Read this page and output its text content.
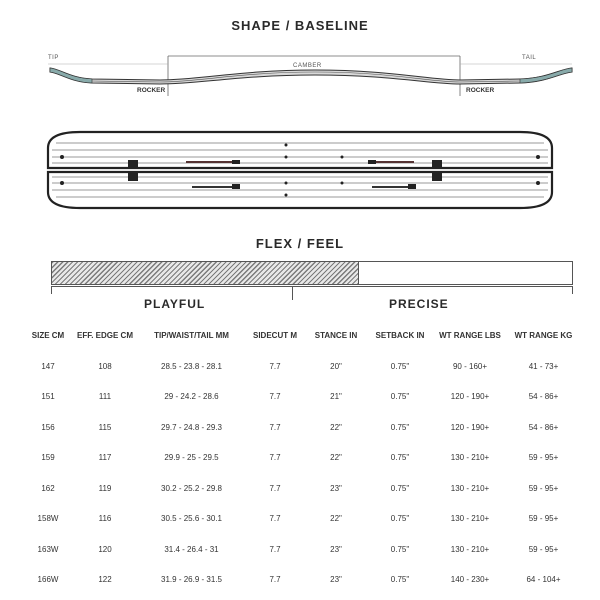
SHAPE / BASELINE
TIP	TAIL
CAMBER
ROCKER	ROCKER
FLEX / FEEL
PLAYFUL	PRECISE
SIZE CM	EFF. EDGE CM	TIP/WAIST/TAIL MM	SIDECUT M	STANCE IN	SETBACK IN	WT RANGE LBS	WT RANGE KG
147	108	28.5 - 23.8 - 28.1	7.7	20"	0.75"	90 - 160+	41 - 73+
151	111	29 - 24.2 - 28.6	7.7	21"	0.75"	120 - 190+	54 - 86+
156	115	29.7 - 24.8 - 29.3	7.7	22"	0.75"	120 - 190+	54 - 86+
159	117	29.9 - 25 - 29.5	7.7	22"	0.75"	130 - 210+	59 - 95+
162	119	30.2 - 25.2 - 29.8	7.7	23"	0.75"	130 - 210+	59 - 95+
158W	116	30.5 - 25.6 - 30.1	7.7	22"	0.75"	130 - 210+	59 - 95+
163W	120	31.4 - 26.4 - 31	7.7	23"	0.75"	130 - 210+	59 - 95+
166W	122	31.9 - 26.9 - 31.5	7.7	23"	0.75"	140 - 230+	64 - 104+
